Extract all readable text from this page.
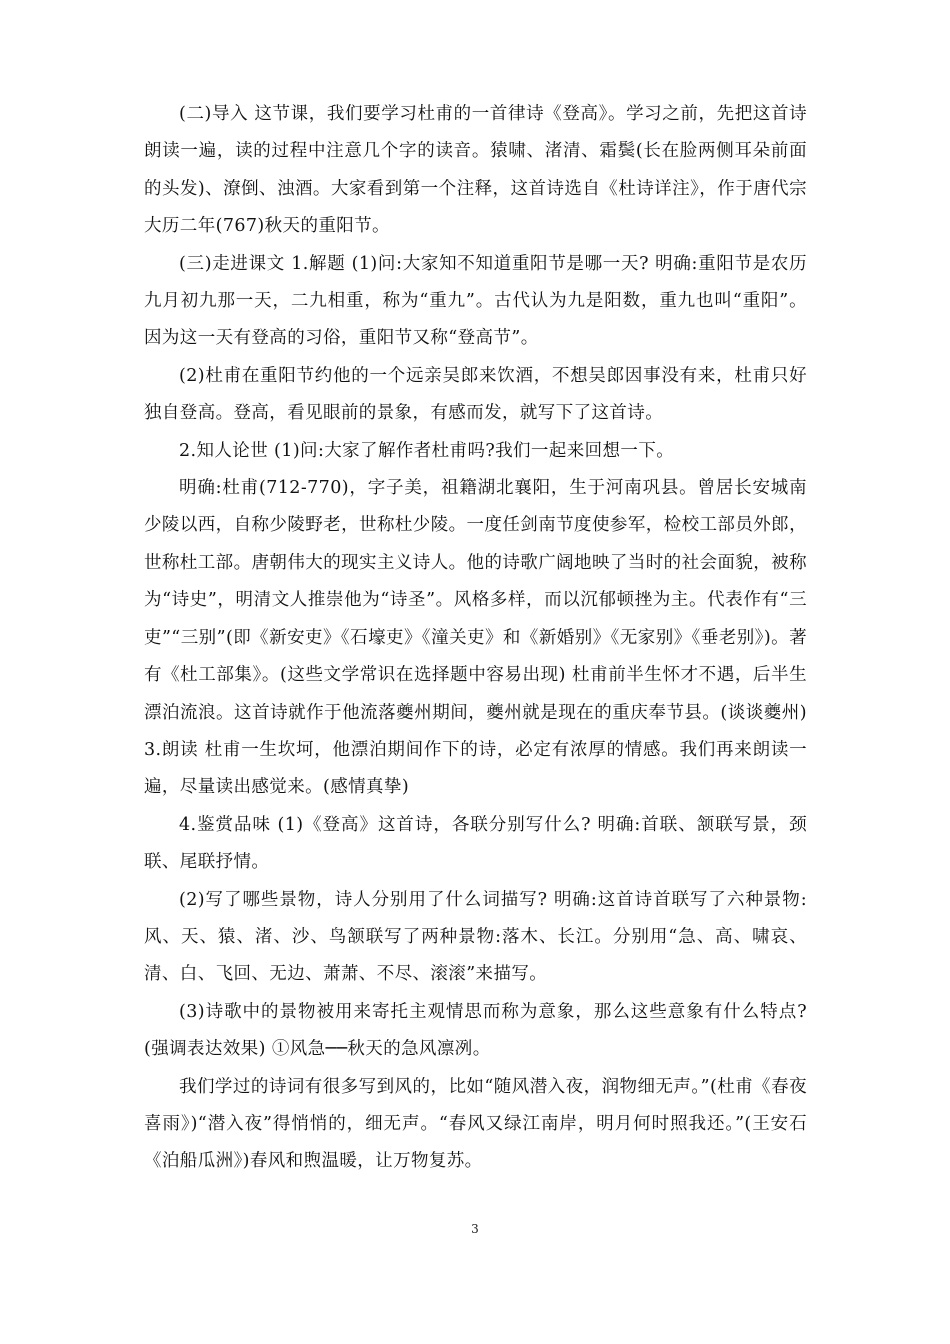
(二)导入 这节课，我们要学习杜甫的一首律诗《登高》。学习之前，先把这首诗朗读一遍，读的过程中注意几个字的读音。猿啸、渚清、霜鬓(长在脸两侧耳朵前面的头发)、潦倒、浊酒。大家看到第一个注释，这首诗选自《杜诗详注》，作于唐代宗大历二年(767)秋天的重阳节。

(三)走进课文 1.解题 (1)问:大家知不知道重阳节是哪一天? 明确:重阳节是农历九月初九那一天，二九相重，称为“重九”。古代认为九是阳数，重九也叫“重阳”。因为这一天有登高的习俗，重阳节又称“登高节”。

(2)杜甫在重阳节约他的一个远亲吴郎来饮酒，不想吴郎因事没有来，杜甫只好独自登高。登高，看见眼前的景象，有感而发，就写下了这首诗。

2.知人论世 (1)问:大家了解作者杜甫吗?我们一起来回想一下。

明确:杜甫(712-770)，字子美，祖籍湖北襄阳，生于河南巩县。曾居长安城南少陵以西，自称少陵野老，世称杜少陵。一度任剑南节度使参军，检校工部员外郎，世称杜工部。唐朝伟大的现实主义诗人。他的诗歌广阔地映了当时的社会面貌，被称为“诗史”，明清文人推崇他为“诗圣”。风格多样，而以沉郁顿挫为主。代表作有“三吏”“三别”(即《新安吏》《石壕吏》《潼关吏》和《新婚别》《无家别》《垂老别》)。著有《杜工部集》。(这些文学常识在选择题中容易出现) 杜甫前半生怀才不遇，后半生漂泊流浪。这首诗就作于他流落夔州期间，夔州就是现在的重庆奉节县。(谈谈夔州) 3.朗读 杜甫一生坎坷，他漂泊期间作下的诗，必定有浓厚的情感。我们再来朗读一遍，尽量读出感觉来。(感情真挚)

4.鉴赏品味 (1)《登高》这首诗，各联分别写什么? 明确:首联、颔联写景，颈联、尾联抒情。

(2)写了哪些景物，诗人分别用了什么词描写? 明确:这首诗首联写了六种景物:风、天、猿、渚、沙、鸟颔联写了两种景物:落木、长江。分别用“急、高、啸哀、清、白、飞回、无边、萧萧、不尽、滚滚”来描写。

(3)诗歌中的景物被用来寄托主观情思而称为意象，那么这些意象有什么特点?(强调表达效果) ①风急──秋天的急风凛冽。

我们学过的诗词有很多写到风的，比如“随风潜入夜，润物细无声。”(杜甫《春夜喜雨》)“潜入夜”得悄悄的，细无声。“春风又绿江南岸，明月何时照我还。”(王安石《泊船瓜洲》)春风和煦温暖，让万物复苏。

3
